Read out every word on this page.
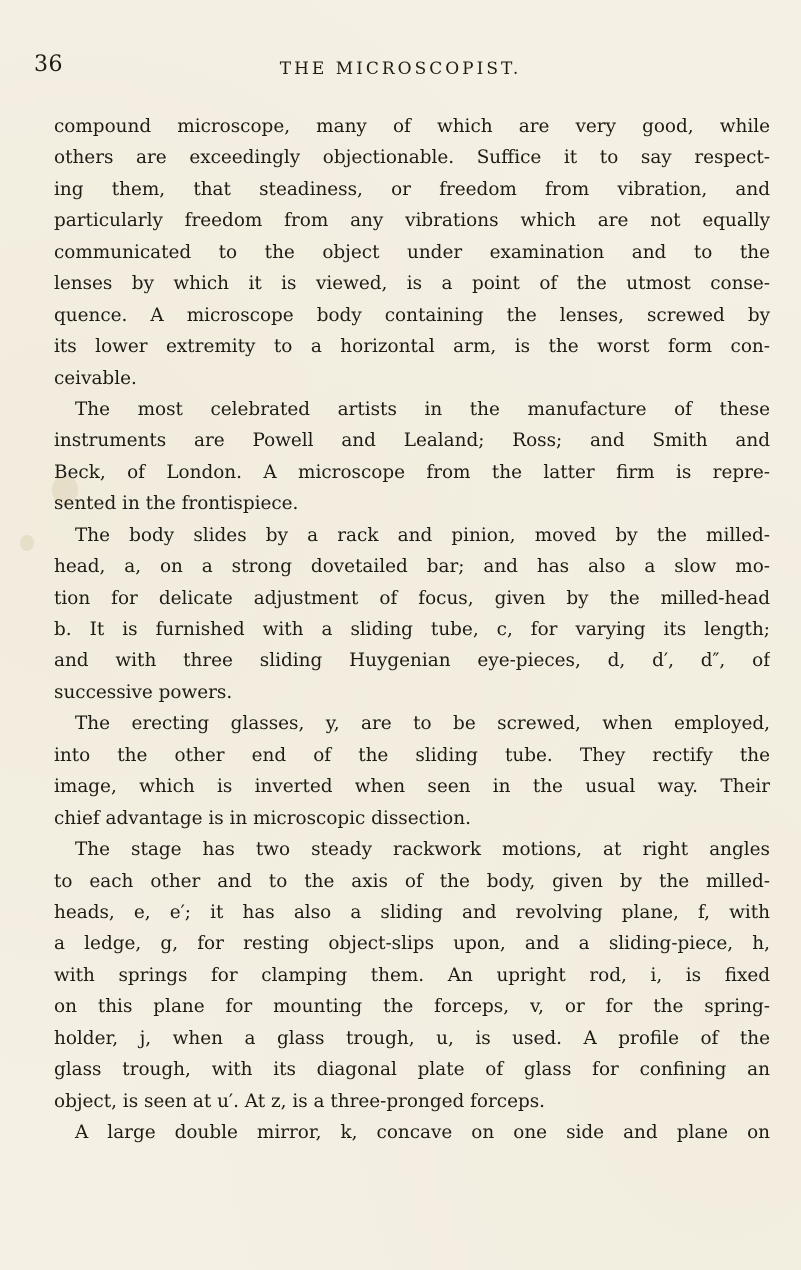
36	THE MICROSCOPIST.
compound microscope, many of which are very good, while
others are exceedingly objectionable. Suffice it to say respect-
ing them, that steadiness, or freedom from vibration, and
particularly freedom from any vibrations which are not equally
communicated to the object under examination and to the
lenses by which it is viewed, is a point of the utmost conse-
quence. A microscope body containing the lenses, screwed by
its lower extremity to a horizontal arm, is the worst form con-
ceivable.
The most celebrated artists in the manufacture of these
instruments are Powell and Lealand; Ross; and Smith and
Beck, of London. A microscope from the latter firm is repre-
sented in the frontispiece.
The body slides by a rack and pinion, moved by the milled-
head, a, on a strong dovetailed bar; and has also a slow mo-
tion for delicate adjustment of focus, given by the milled-head
b. It is furnished with a sliding tube, c, for varying its length;
and with three sliding Huygenian eye-pieces, d, d′, d″, of
successive powers.
The erecting glasses, y, are to be screwed, when employed,
into the other end of the sliding tube. They rectify the
image, which is inverted when seen in the usual way. Their
chief advantage is in microscopic dissection.
The stage has two steady rackwork motions, at right angles
to each other and to the axis of the body, given by the milled-
heads, e, e′; it has also a sliding and revolving plane, f, with
a ledge, g, for resting object-slips upon, and a sliding-piece, h,
with springs for clamping them. An upright rod, i, is fixed
on this plane for mounting the forceps, v, or for the spring-
holder, j, when a glass trough, u, is used. A profile of the
glass trough, with its diagonal plate of glass for confining an
object, is seen at u′. At z, is a three-pronged forceps.
A large double mirror, k, concave on one side and plane on
